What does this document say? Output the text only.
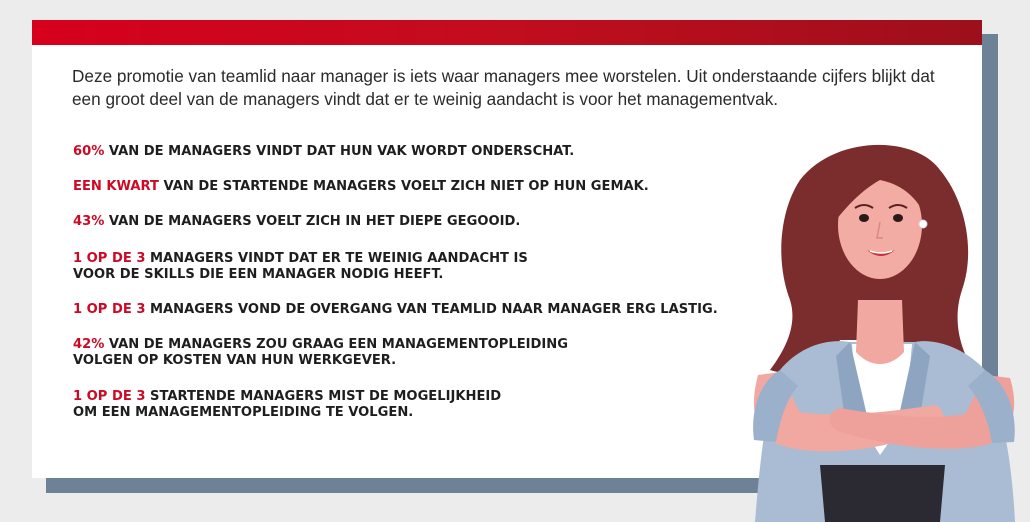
Deze promotie van teamlid naar manager is iets waar managers mee worstelen. Uit onderstaande cijfers blijkt dat een groot deel van de managers vindt dat er te weinig aandacht is voor het managementvak.

60% VAN DE MANAGERS VINDT DAT HUN VAK WORDT ONDERSCHAT.

EEN KWART VAN DE STARTENDE MANAGERS VOELT ZICH NIET OP HUN GEMAK.

43% VAN DE MANAGERS VOELT ZICH IN HET DIEPE GEGOOID.

1 OP DE 3 MANAGERS VINDT DAT ER TE WEINIG AANDACHT IS
VOOR DE SKILLS DIE EEN MANAGER NODIG HEEFT.

1 OP DE 3 MANAGERS VOND DE OVERGANG VAN TEAMLID NAAR MANAGER ERG LASTIG.

42% VAN DE MANAGERS ZOU GRAAG EEN MANAGEMENTOPLEIDING
VOLGEN OP KOSTEN VAN HUN WERKGEVER.

1 OP DE 3 STARTENDE MANAGERS MIST DE MOGELIJKHEID
OM EEN MANAGEMENTOPLEIDING TE VOLGEN.
